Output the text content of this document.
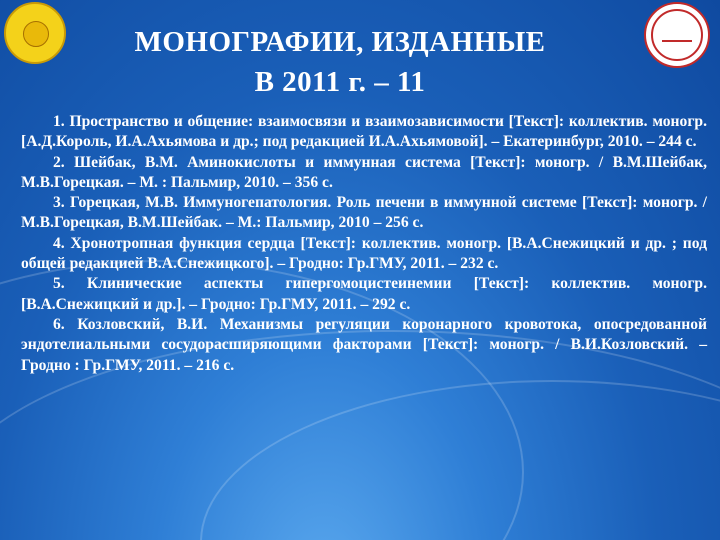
МОНОГРАФИИ, ИЗДАННЫЕ
В 2011 г. – 11

1. Пространство и общение: взаимосвязи и взаимозависимости [Текст]: коллектив. моногр. [А.Д.Король, И.А.Ахьямова и др.; под редакцией И.А.Ахьямовой]. – Екатеринбург, 2010. – 244 с.

2. Шейбак, В.М. Аминокислоты и иммунная система [Текст]: моногр. / В.М.Шейбак, М.В.Горецкая. – М. : Пальмир, 2010. – 356 с.

3. Горецкая, М.В. Иммуногепатология. Роль печени в иммунной системе [Текст]: моногр. / М.В.Горецкая, В.М.Шейбак. – М.: Пальмир, 2010 – 256 с.

4. Хронотропная функция сердца [Текст]: коллектив. моногр. [В.А.Снежицкий и др. ; под общей редакцией В.А.Снежицкого]. – Гродно: Гр.ГМУ, 2011. – 232 с.

5. Клинические аспекты гипергомоцистеинемии [Текст]: коллектив. моногр. [В.А.Снежицкий и др.]. – Гродно: Гр.ГМУ, 2011. – 292 с.

6. Козловский, В.И. Механизмы регуляции коронарного кровотока, опосредованной эндотелиальными сосудорасширяющими факторами [Текст]: моногр. / В.И.Козловский. – Гродно : Гр.ГМУ, 2011. – 216 с.
